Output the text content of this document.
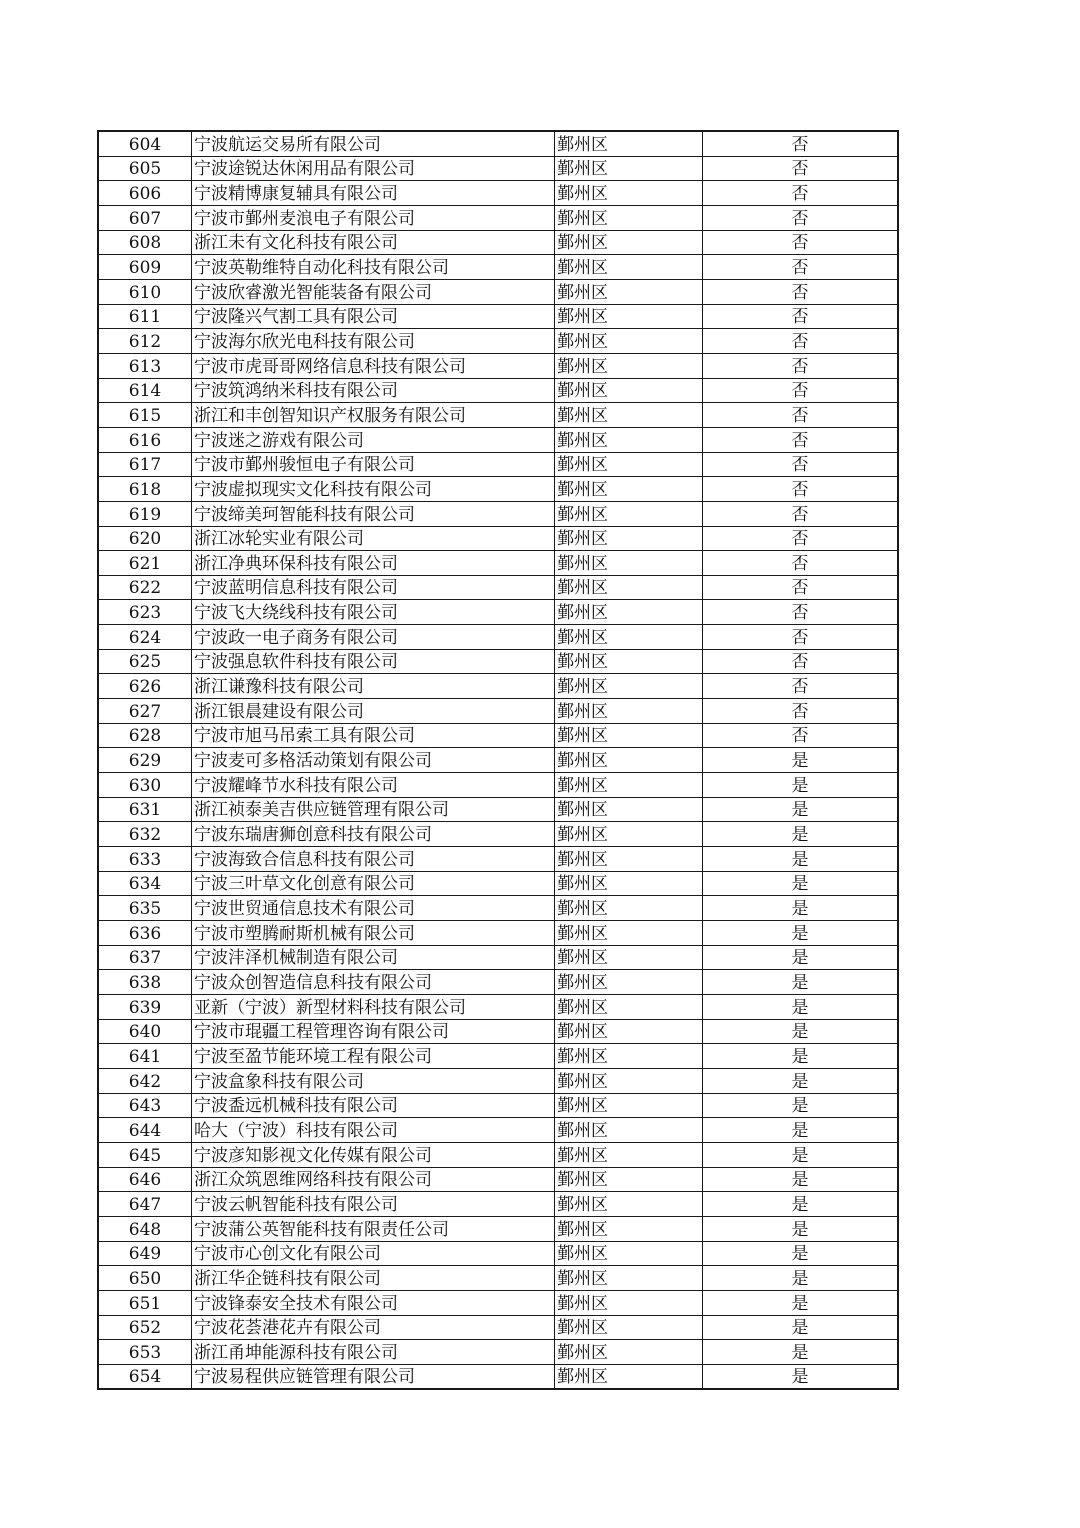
604	宁波航运交易所有限公司	鄞州区	否
605	宁波途锐达休闲用品有限公司	鄞州区	否
606	宁波精博康复辅具有限公司	鄞州区	否
607	宁波市鄞州麦浪电子有限公司	鄞州区	否
608	浙江未有文化科技有限公司	鄞州区	否
609	宁波英勒维特自动化科技有限公司	鄞州区	否
610	宁波欣睿激光智能装备有限公司	鄞州区	否
611	宁波隆兴气割工具有限公司	鄞州区	否
612	宁波海尔欣光电科技有限公司	鄞州区	否
613	宁波市虎哥哥网络信息科技有限公司	鄞州区	否
614	宁波筑鸿纳米科技有限公司	鄞州区	否
615	浙江和丰创智知识产权服务有限公司	鄞州区	否
616	宁波迷之游戏有限公司	鄞州区	否
617	宁波市鄞州骏恒电子有限公司	鄞州区	否
618	宁波虚拟现实文化科技有限公司	鄞州区	否
619	宁波缔美珂智能科技有限公司	鄞州区	否
620	浙江冰轮实业有限公司	鄞州区	否
621	浙江净典环保科技有限公司	鄞州区	否
622	宁波蓝明信息科技有限公司	鄞州区	否
623	宁波飞大绕线科技有限公司	鄞州区	否
624	宁波政一电子商务有限公司	鄞州区	否
625	宁波强息软件科技有限公司	鄞州区	否
626	浙江谦豫科技有限公司	鄞州区	否
627	浙江银晨建设有限公司	鄞州区	否
628	宁波市旭马吊索工具有限公司	鄞州区	否
629	宁波麦可多格活动策划有限公司	鄞州区	是
630	宁波耀峰节水科技有限公司	鄞州区	是
631	浙江祯泰美吉供应链管理有限公司	鄞州区	是
632	宁波东瑞唐狮创意科技有限公司	鄞州区	是
633	宁波海致合信息科技有限公司	鄞州区	是
634	宁波三叶草文化创意有限公司	鄞州区	是
635	宁波世贸通信息技术有限公司	鄞州区	是
636	宁波市塑腾耐斯机械有限公司	鄞州区	是
637	宁波沣泽机械制造有限公司	鄞州区	是
638	宁波众创智造信息科技有限公司	鄞州区	是
639	亚新（宁波）新型材料科技有限公司	鄞州区	是
640	宁波市琨疆工程管理咨询有限公司	鄞州区	是
641	宁波至盈节能环境工程有限公司	鄞州区	是
642	宁波盒象科技有限公司	鄞州区	是
643	宁波盉远机械科技有限公司	鄞州区	是
644	哈大（宁波）科技有限公司	鄞州区	是
645	宁波彦知影视文化传媒有限公司	鄞州区	是
646	浙江众筑恩维网络科技有限公司	鄞州区	是
647	宁波云帆智能科技有限公司	鄞州区	是
648	宁波蒲公英智能科技有限责任公司	鄞州区	是
649	宁波市心创文化有限公司	鄞州区	是
650	浙江华企链科技有限公司	鄞州区	是
651	宁波锋泰安全技术有限公司	鄞州区	是
652	宁波花荟港花卉有限公司	鄞州区	是
653	浙江甬坤能源科技有限公司	鄞州区	是
654	宁波易程供应链管理有限公司	鄞州区	是
